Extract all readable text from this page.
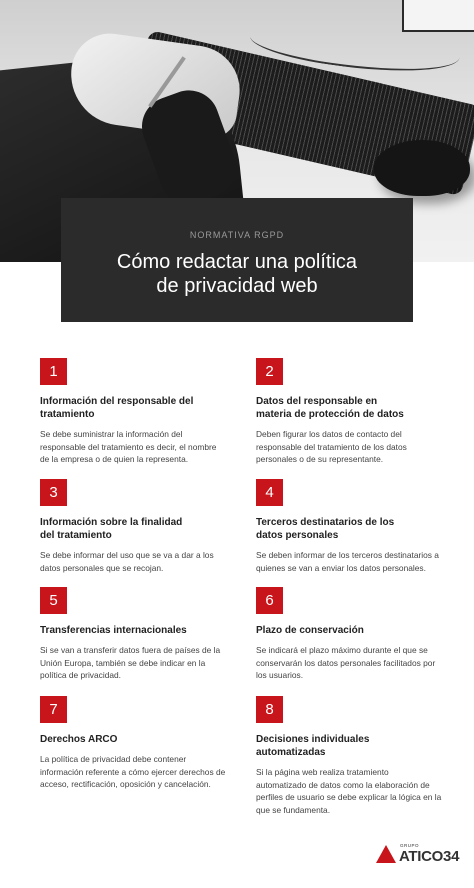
NORMATIVA RGPD
Cómo redactar una política
de privacidad web
1
Información del responsable del
tratamiento

Se debe suministrar la información del
responsable del tratamiento es decir, el nombre
de la empresa o de quien la representa.

2
Datos del responsable en
materia de protección de datos

Deben figurar los datos de contacto del
responsable del tratamiento de los datos
personales o de su representante.

3
Información sobre la finalidad
del tratamiento

Se debe informar del uso que se va a dar a los
datos personales que se recojan.

4
Terceros destinatarios de los
datos personales

Se deben informar de los terceros destinatarios a
quienes se van a enviar los datos personales.

5
Transferencias internacionales

Si se van a transferir datos fuera de países de la
Unión Europa, también se debe indicar en la
política de privacidad.

6
Plazo de conservación

Se indicará el plazo máximo durante el que se
conservarán los datos personales facilitados por
los usuarios.

7
Derechos ARCO

La política de privacidad debe contener
información referente a cómo ejercer derechos de
acceso, rectificación, oposición y cancelación.

8
Decisiones individuales
automatizadas

Si la página web realiza tratamiento
automatizado de datos como la elaboración de
perfiles de usuario se debe explicar la lógica en la
que se fundamenta.

GRUPO
ATICO34
